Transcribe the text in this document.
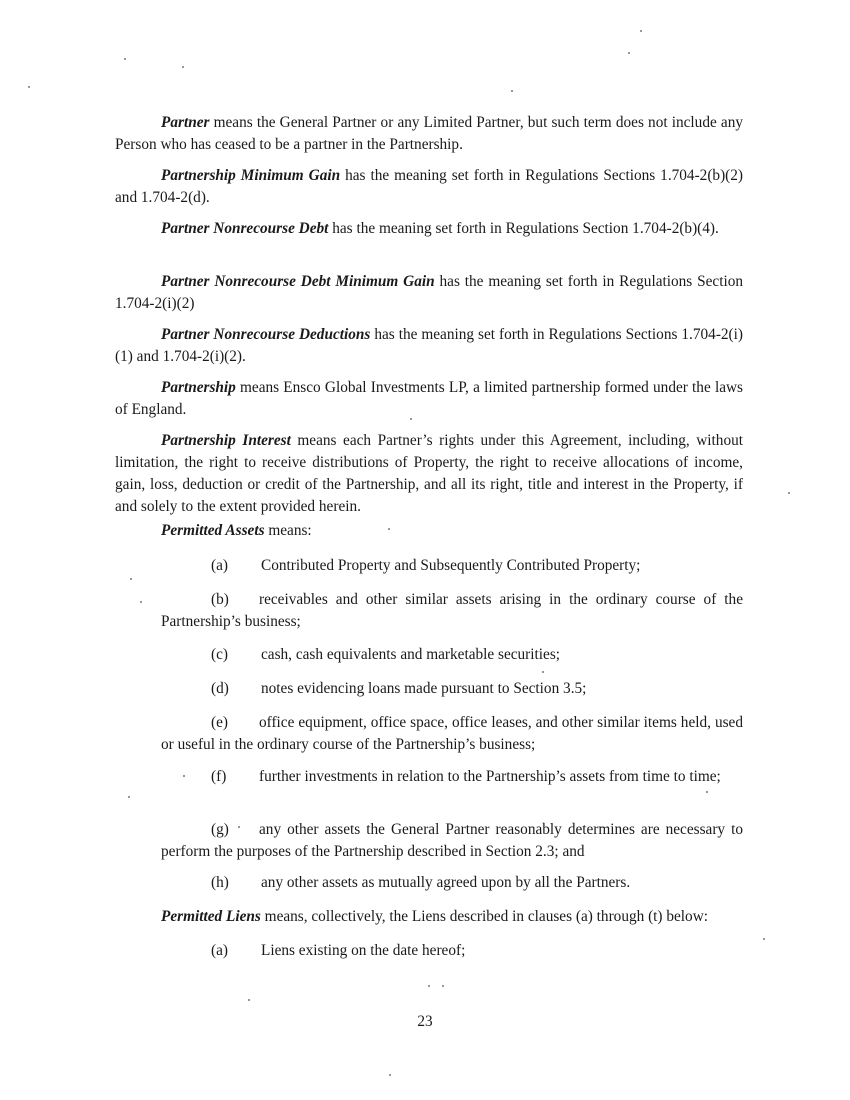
Partner means the General Partner or any Limited Partner, but such term does not include any Person who has ceased to be a partner in the Partnership.

Partnership Minimum Gain has the meaning set forth in Regulations Sections 1.704-2(b)(2) and 1.704-2(d).

Partner Nonrecourse Debt has the meaning set forth in Regulations Section 1.704-2(b)(4).

Partner Nonrecourse Debt Minimum Gain has the meaning set forth in Regulations Section 1.704-2(i)(2)

Partner Nonrecourse Deductions has the meaning set forth in Regulations Sections 1.704-2(i)(1) and 1.704-2(i)(2).

Partnership means Ensco Global Investments LP, a limited partnership formed under the laws of England.

Partnership Interest means each Partner’s rights under this Agreement, including, without limitation, the right to receive distributions of Property, the right to receive allocations of income, gain, loss, deduction or credit of the Partnership, and all its right, title and interest in the Property, if and solely to the extent provided herein.

Permitted Assets means:

(a) Contributed Property and Subsequently Contributed Property;

(b) receivables and other similar assets arising in the ordinary course of the Partnership’s business;

(c) cash, cash equivalents and marketable securities;

(d) notes evidencing loans made pursuant to Section 3.5;

(e) office equipment, office space, office leases, and other similar items held, used or useful in the ordinary course of the Partnership’s business;

(f) further investments in relation to the Partnership’s assets from time to time;

(g) any other assets the General Partner reasonably determines are necessary to perform the purposes of the Partnership described in Section 2.3; and

(h) any other assets as mutually agreed upon by all the Partners.

Permitted Liens means, collectively, the Liens described in clauses (a) through (t) below:

(a) Liens existing on the date hereof;

23
